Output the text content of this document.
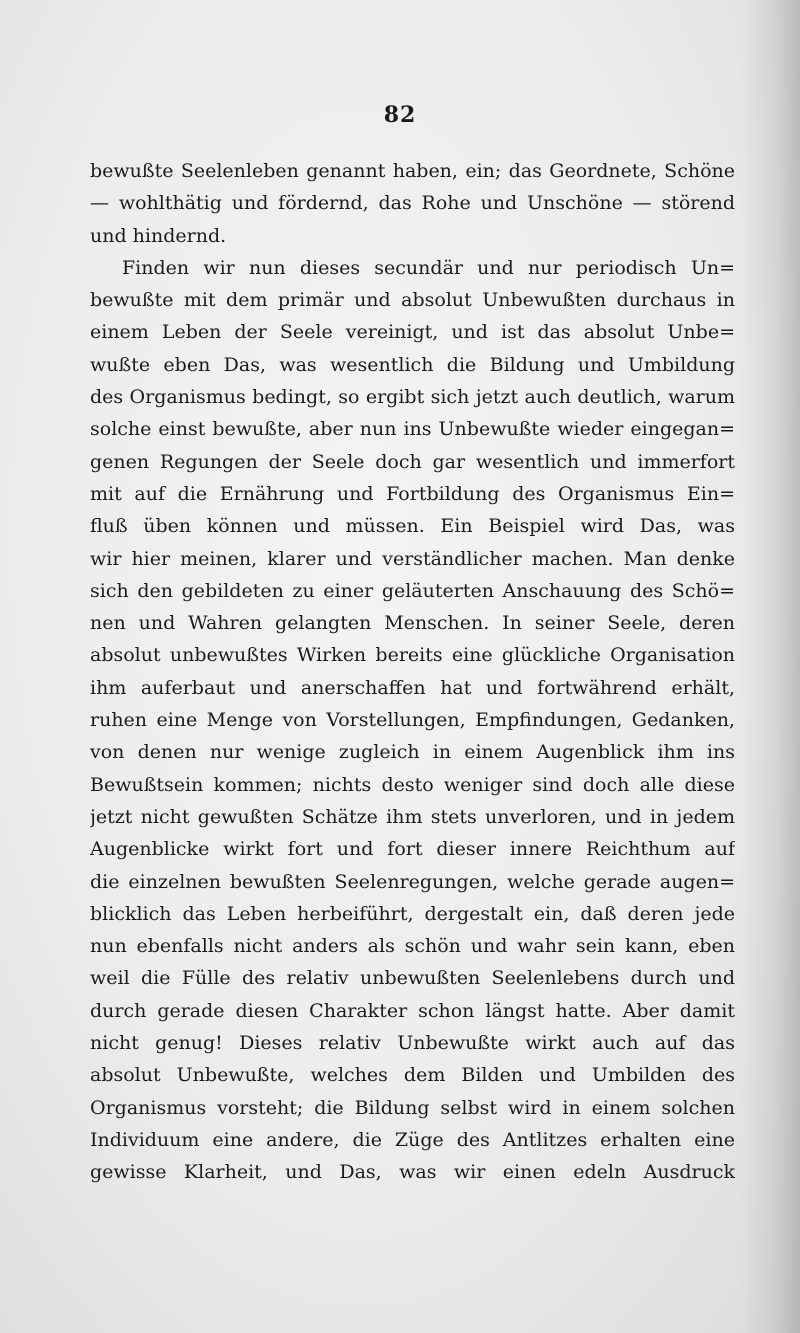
82
bewußte Seelenleben genannt haben, ein; das Geordnete, Schöne
— wohlthätig und fördernd, das Rohe und Unschöne — störend
und hindernd.
Finden wir nun dieses secundär und nur periodisch Un=
bewußte mit dem primär und absolut Unbewußten durchaus in
einem Leben der Seele vereinigt, und ist das absolut Unbe=
wußte eben Das, was wesentlich die Bildung und Umbildung
des Organismus bedingt, so ergibt sich jetzt auch deutlich, warum
solche einst bewußte, aber nun ins Unbewußte wieder eingegan=
genen Regungen der Seele doch gar wesentlich und immerfort
mit auf die Ernährung und Fortbildung des Organismus Ein=
fluß üben können und müssen. Ein Beispiel wird Das, was
wir hier meinen, klarer und verständlicher machen. Man denke
sich den gebildeten zu einer geläuterten Anschauung des Schö=
nen und Wahren gelangten Menschen. In seiner Seele, deren
absolut unbewußtes Wirken bereits eine glückliche Organisation
ihm auferbaut und anerschaffen hat und fortwährend erhält,
ruhen eine Menge von Vorstellungen, Empfindungen, Gedanken,
von denen nur wenige zugleich in einem Augenblick ihm ins
Bewußtsein kommen; nichts desto weniger sind doch alle diese
jetzt nicht gewußten Schätze ihm stets unverloren, und in jedem
Augenblicke wirkt fort und fort dieser innere Reichthum auf
die einzelnen bewußten Seelenregungen, welche gerade augen=
blicklich das Leben herbeiführt, dergestalt ein, daß deren jede
nun ebenfalls nicht anders als schön und wahr sein kann, eben
weil die Fülle des relativ unbewußten Seelenlebens durch und
durch gerade diesen Charakter schon längst hatte. Aber damit
nicht genug! Dieses relativ Unbewußte wirkt auch auf das
absolut Unbewußte, welches dem Bilden und Umbilden des
Organismus vorsteht; die Bildung selbst wird in einem solchen
Individuum eine andere, die Züge des Antlitzes erhalten eine
gewisse Klarheit, und Das, was wir einen edeln Ausdruck
